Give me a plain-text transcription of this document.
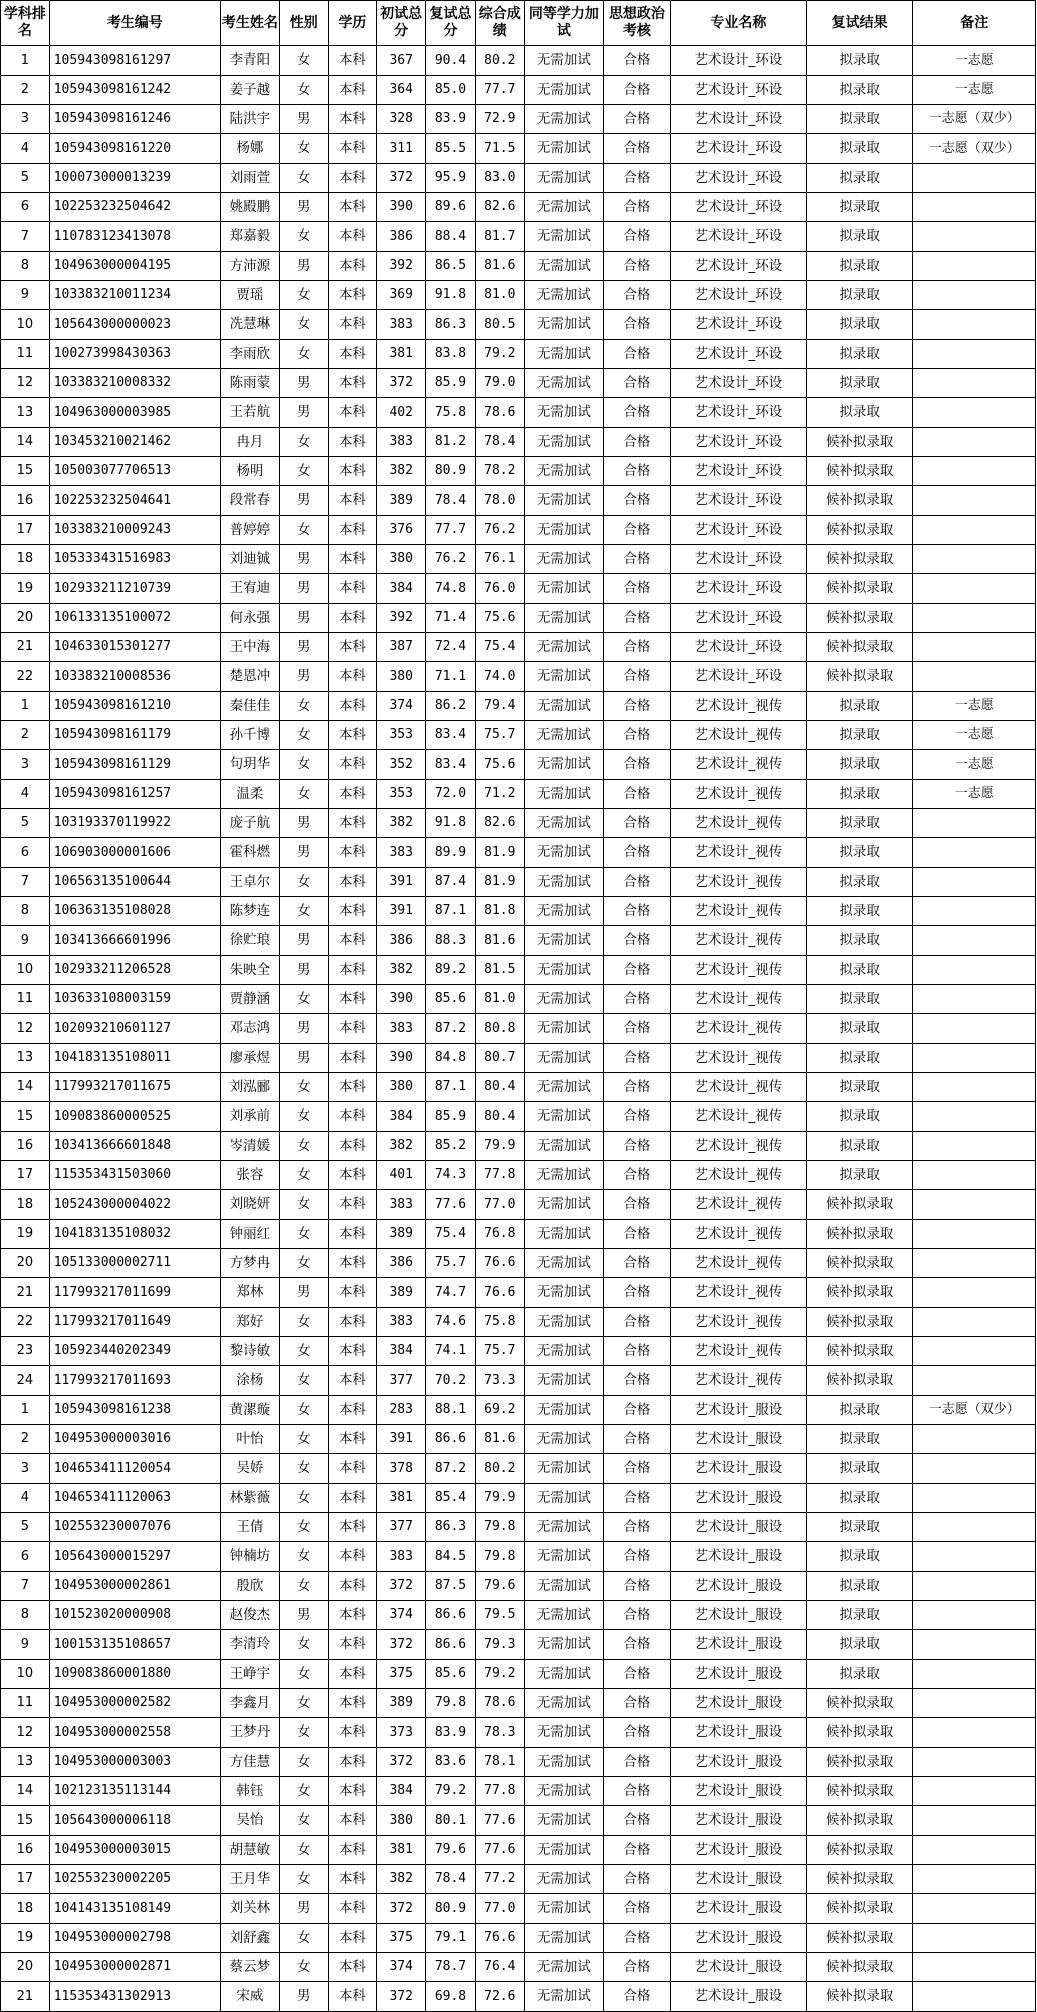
学科排名	考生编号	考生姓名	性别	学历	初试总分	复试总分	综合成绩	同等学力加试	思想政治考核	专业名称	复试结果	备注
1	105943098161297	李青阳	女	本科	367	90.4	80.2	无需加试	合格	艺术设计_环设	拟录取	一志愿
2	105943098161242	姜子越	女	本科	364	85.0	77.7	无需加试	合格	艺术设计_环设	拟录取	一志愿
3	105943098161246	陆洪宇	男	本科	328	83.9	72.9	无需加试	合格	艺术设计_环设	拟录取	一志愿（双少）
4	105943098161220	杨娜	女	本科	311	85.5	71.5	无需加试	合格	艺术设计_环设	拟录取	一志愿（双少）
5	100073000013239	刘雨萱	女	本科	372	95.9	83.0	无需加试	合格	艺术设计_环设	拟录取	
6	102253232504642	姚殿鹏	男	本科	390	89.6	82.6	无需加试	合格	艺术设计_环设	拟录取	
7	110783123413078	郑嘉毅	女	本科	386	88.4	81.7	无需加试	合格	艺术设计_环设	拟录取	
8	104963000004195	方沛源	男	本科	392	86.5	81.6	无需加试	合格	艺术设计_环设	拟录取	
9	103383210011234	贾瑶	女	本科	369	91.8	81.0	无需加试	合格	艺术设计_环设	拟录取	
10	105643000000023	冼慧琳	女	本科	383	86.3	80.5	无需加试	合格	艺术设计_环设	拟录取	
11	100273998430363	李雨欣	女	本科	381	83.8	79.2	无需加试	合格	艺术设计_环设	拟录取	
12	103383210008332	陈雨蒙	男	本科	372	85.9	79.0	无需加试	合格	艺术设计_环设	拟录取	
13	104963000003985	王若航	男	本科	402	75.8	78.6	无需加试	合格	艺术设计_环设	拟录取	
14	103453210021462	冉月	女	本科	383	81.2	78.4	无需加试	合格	艺术设计_环设	候补拟录取	
15	105003077706513	杨明	女	本科	382	80.9	78.2	无需加试	合格	艺术设计_环设	候补拟录取	
16	102253232504641	段常春	男	本科	389	78.4	78.0	无需加试	合格	艺术设计_环设	候补拟录取	
17	103383210009243	普婷婷	女	本科	376	77.7	76.2	无需加试	合格	艺术设计_环设	候补拟录取	
18	105333431516983	刘迪铖	男	本科	380	76.2	76.1	无需加试	合格	艺术设计_环设	候补拟录取	
19	102933211210739	王宥迪	男	本科	384	74.8	76.0	无需加试	合格	艺术设计_环设	候补拟录取	
20	106133135100072	何永强	男	本科	392	71.4	75.6	无需加试	合格	艺术设计_环设	候补拟录取	
21	104633015301277	王中海	男	本科	387	72.4	75.4	无需加试	合格	艺术设计_环设	候补拟录取	
22	103383210008536	楚恩冲	男	本科	380	71.1	74.0	无需加试	合格	艺术设计_环设	候补拟录取	
1	105943098161210	秦佳佳	女	本科	374	86.2	79.4	无需加试	合格	艺术设计_视传	拟录取	一志愿
2	105943098161179	孙千博	女	本科	353	83.4	75.7	无需加试	合格	艺术设计_视传	拟录取	一志愿
3	105943098161129	句玥华	女	本科	352	83.4	75.6	无需加试	合格	艺术设计_视传	拟录取	一志愿
4	105943098161257	温柔	女	本科	353	72.0	71.2	无需加试	合格	艺术设计_视传	拟录取	一志愿
5	103193370119922	庞子航	男	本科	382	91.8	82.6	无需加试	合格	艺术设计_视传	拟录取	
6	106903000001606	霍科燃	男	本科	383	89.9	81.9	无需加试	合格	艺术设计_视传	拟录取	
7	106563135100644	王卓尔	女	本科	391	87.4	81.9	无需加试	合格	艺术设计_视传	拟录取	
8	106363135108028	陈梦连	女	本科	391	87.1	81.8	无需加试	合格	艺术设计_视传	拟录取	
9	103413666601996	徐贮琅	男	本科	386	88.3	81.6	无需加试	合格	艺术设计_视传	拟录取	
10	102933211206528	朱映全	男	本科	382	89.2	81.5	无需加试	合格	艺术设计_视传	拟录取	
11	103633108003159	贾静涵	女	本科	390	85.6	81.0	无需加试	合格	艺术设计_视传	拟录取	
12	102093210601127	邓志鸿	男	本科	383	87.2	80.8	无需加试	合格	艺术设计_视传	拟录取	
13	104183135108011	廖承煜	男	本科	390	84.8	80.7	无需加试	合格	艺术设计_视传	拟录取	
14	117993217011675	刘泓郦	女	本科	380	87.1	80.4	无需加试	合格	艺术设计_视传	拟录取	
15	109083860000525	刘承前	女	本科	384	85.9	80.4	无需加试	合格	艺术设计_视传	拟录取	
16	103413666601848	岑清媛	女	本科	382	85.2	79.9	无需加试	合格	艺术设计_视传	拟录取	
17	115353431503060	张容	女	本科	401	74.3	77.8	无需加试	合格	艺术设计_视传	拟录取	
18	105243000004022	刘晓妍	女	本科	383	77.6	77.0	无需加试	合格	艺术设计_视传	候补拟录取	
19	104183135108032	钟丽红	女	本科	389	75.4	76.8	无需加试	合格	艺术设计_视传	候补拟录取	
20	105133000002711	方梦冉	女	本科	386	75.7	76.6	无需加试	合格	艺术设计_视传	候补拟录取	
21	117993217011699	郑林	男	本科	389	74.7	76.6	无需加试	合格	艺术设计_视传	候补拟录取	
22	117993217011649	郑好	女	本科	383	74.6	75.8	无需加试	合格	艺术设计_视传	候补拟录取	
23	105923440202349	黎诗敏	女	本科	384	74.1	75.7	无需加试	合格	艺术设计_视传	候补拟录取	
24	117993217011693	涂杨	女	本科	377	70.2	73.3	无需加试	合格	艺术设计_视传	候补拟录取	
1	105943098161238	黄漯璇	女	本科	283	88.1	69.2	无需加试	合格	艺术设计_服设	拟录取	一志愿（双少）
2	104953000003016	叶怡	女	本科	391	86.6	81.6	无需加试	合格	艺术设计_服设	拟录取	
3	104653411120054	吴娇	女	本科	378	87.2	80.2	无需加试	合格	艺术设计_服设	拟录取	
4	104653411120063	林紫薇	女	本科	381	85.4	79.9	无需加试	合格	艺术设计_服设	拟录取	
5	102553230007076	王倩	女	本科	377	86.3	79.8	无需加试	合格	艺术设计_服设	拟录取	
6	105643000015297	钟楠坊	女	本科	383	84.5	79.8	无需加试	合格	艺术设计_服设	拟录取	
7	104953000002861	殷欣	女	本科	372	87.5	79.6	无需加试	合格	艺术设计_服设	拟录取	
8	101523020000908	赵俊杰	男	本科	374	86.6	79.5	无需加试	合格	艺术设计_服设	拟录取	
9	100153135108657	李清玲	女	本科	372	86.6	79.3	无需加试	合格	艺术设计_服设	拟录取	
10	109083860001880	王峥宇	女	本科	375	85.6	79.2	无需加试	合格	艺术设计_服设	拟录取	
11	104953000002582	李鑫月	女	本科	389	79.8	78.6	无需加试	合格	艺术设计_服设	候补拟录取	
12	104953000002558	王梦丹	女	本科	373	83.9	78.3	无需加试	合格	艺术设计_服设	候补拟录取	
13	104953000003003	方佳慧	女	本科	372	83.6	78.1	无需加试	合格	艺术设计_服设	候补拟录取	
14	102123135113144	韩钰	女	本科	384	79.2	77.8	无需加试	合格	艺术设计_服设	候补拟录取	
15	105643000006118	吴怡	女	本科	380	80.1	77.6	无需加试	合格	艺术设计_服设	候补拟录取	
16	104953000003015	胡慧敏	女	本科	381	79.6	77.6	无需加试	合格	艺术设计_服设	候补拟录取	
17	102553230002205	王月华	女	本科	382	78.4	77.2	无需加试	合格	艺术设计_服设	候补拟录取	
18	104143135108149	刘关林	男	本科	372	80.9	77.0	无需加试	合格	艺术设计_服设	候补拟录取	
19	104953000002798	刘舒鑫	女	本科	375	79.1	76.6	无需加试	合格	艺术设计_服设	候补拟录取	
20	104953000002871	蔡云梦	女	本科	374	78.7	76.4	无需加试	合格	艺术设计_服设	候补拟录取	
21	115353431302913	宋威	男	本科	372	69.8	72.6	无需加试	合格	艺术设计_服设	候补拟录取	
